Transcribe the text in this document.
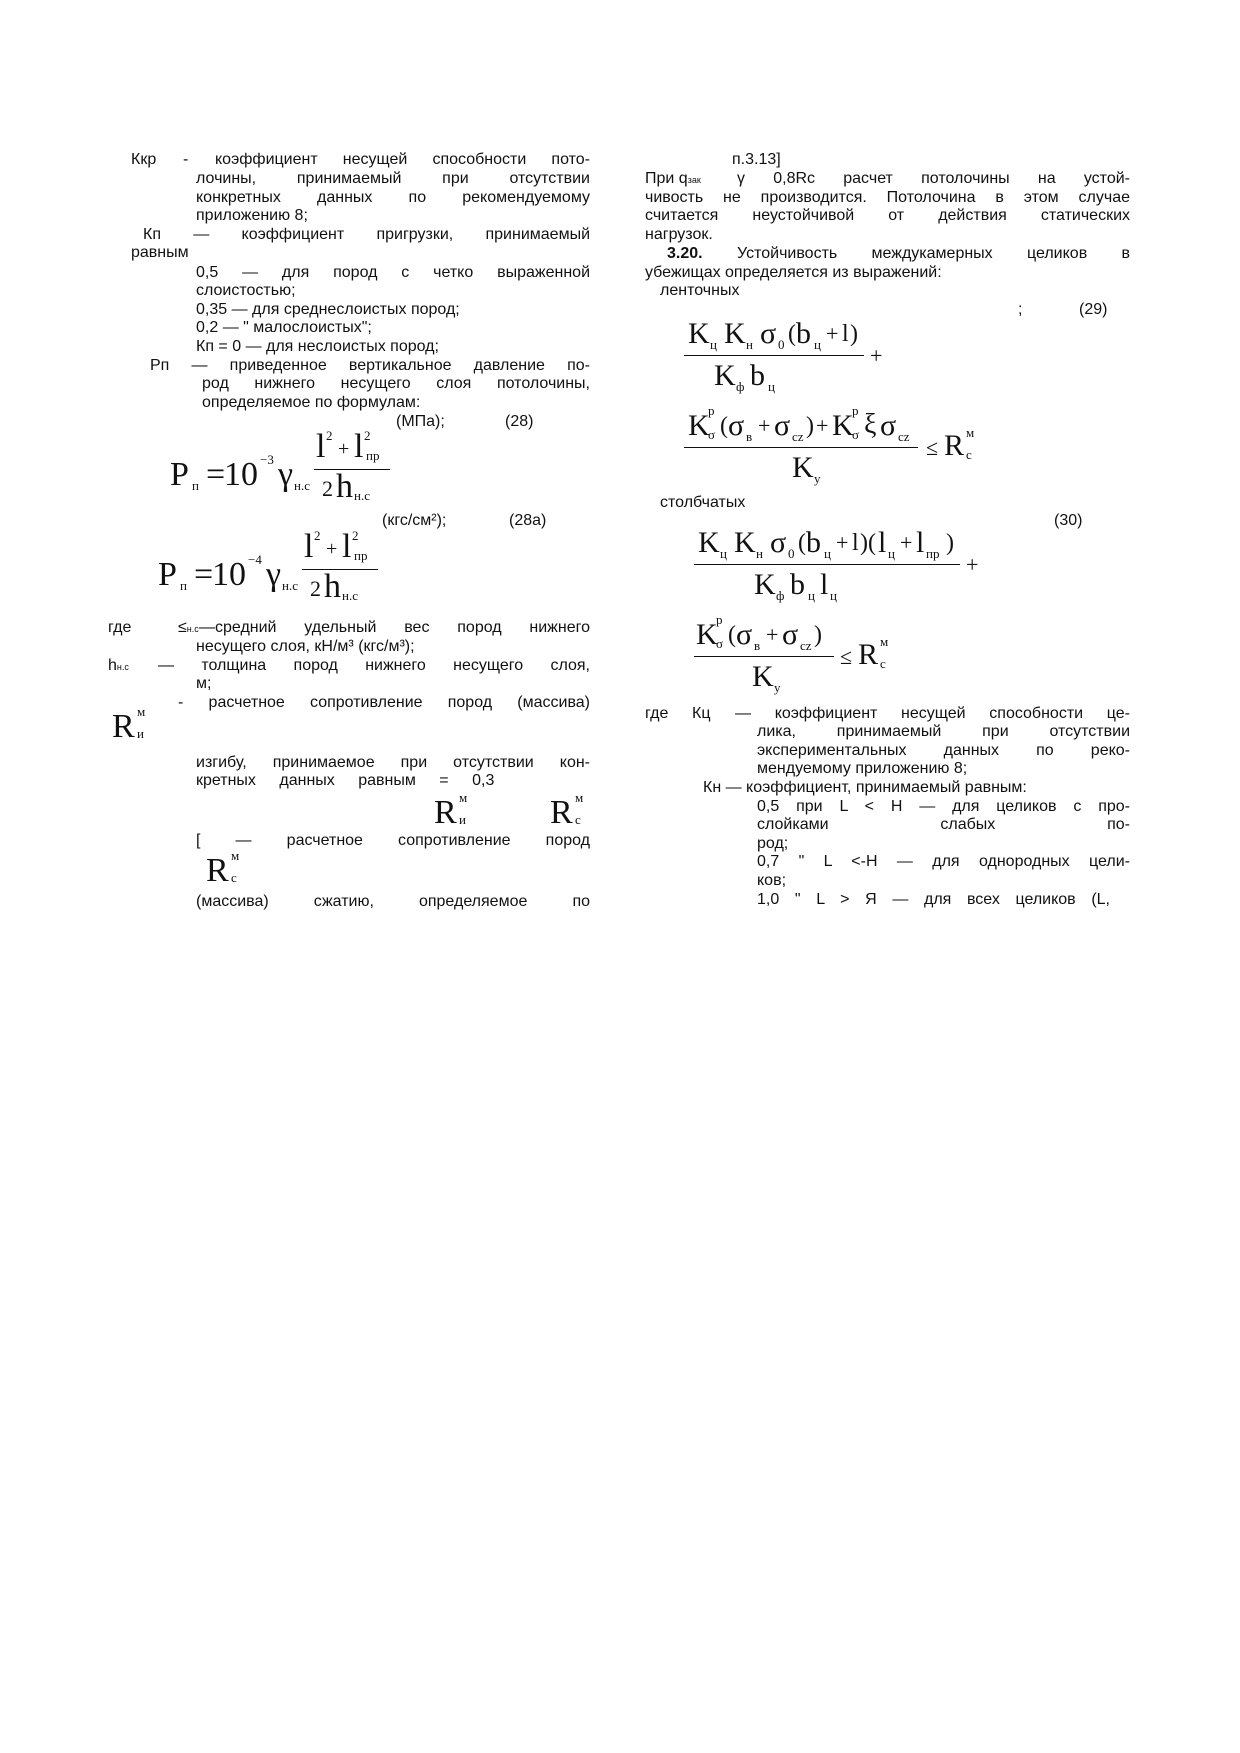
Ккр - коэффициент несущей способности пото-
лочины, принимаемый при отсутствии
конкретных данных по рекомендуемому
приложению 8;
Кп — коэффициент пригрузки, принимаемый
равным
0,5 — для пород с четко выраженной
слоистостью;
0,35 — для среднеслоистых пород;
0,2 — " малослоистых";
Кп = 0 — для неслоистых пород;
Рп — приведенное вертикальное давление по-
род нижнего несущего слоя потолочины,
определяемое по формулам:
(МПа);	(28)
P п =
10 −3 γ н.с
l 2
+ l 2
пр
2 h н.с
(кгс/см²);	(28а)
P п =
10 −4 γ н.с
l 2
+ l 2
пр
2 h н.с
где	≤н.с —средний удельный вес пород нижнего
несущего слоя, кН/м³ (кгс/м³);
hн.с — толщина пород нижнего несущего слоя,
м;
- расчетное сопротивление пород (массива)
R м
и
изгибу, принимаемое при отсутствии кон-
кретных данных равным = 0,3
R м
и R м
с
[ — расчетное сопротивление пород
R м
с
(массива) сжатию, определяемое по
п.3.13]
При qзак γ 0,8Rс расчет потолочины на устой-
чивость не производится. Потолочина в этом случае
считается неустойчивой от действия статических
нагрузок.
3.20. Устойчивость междукамерных целиков в
убежищах определяется из выражений:
ленточных
;	(29)
K ц K н σ 0 ( b ц + l )
+
K ф b ц
K
р
σ ( σ в + σ cz ) + K
р
σ ξ σ cz ≤ R м
с
K у
столбчатых
(30)
K ц K н σ 0 ( b ц + l ) ( l ц + l пр )
+
K ф b ц l ц
K
р
σ ( σ в + σ cz )
≤ R м
с
K у
где Кц — коэффициент несущей способности це-
лика, принимаемый при отсутствии
экспериментальных данных по реко-
мендуемому приложению 8;
Кн — коэффициент, принимаемый равным:
0,5 при L < H — для целиков с про-
слойками слабых по-
род;
0,7 " L <-H — для однородных цели-
ков;
1,0 " L > Я — для всех целиков (L,
